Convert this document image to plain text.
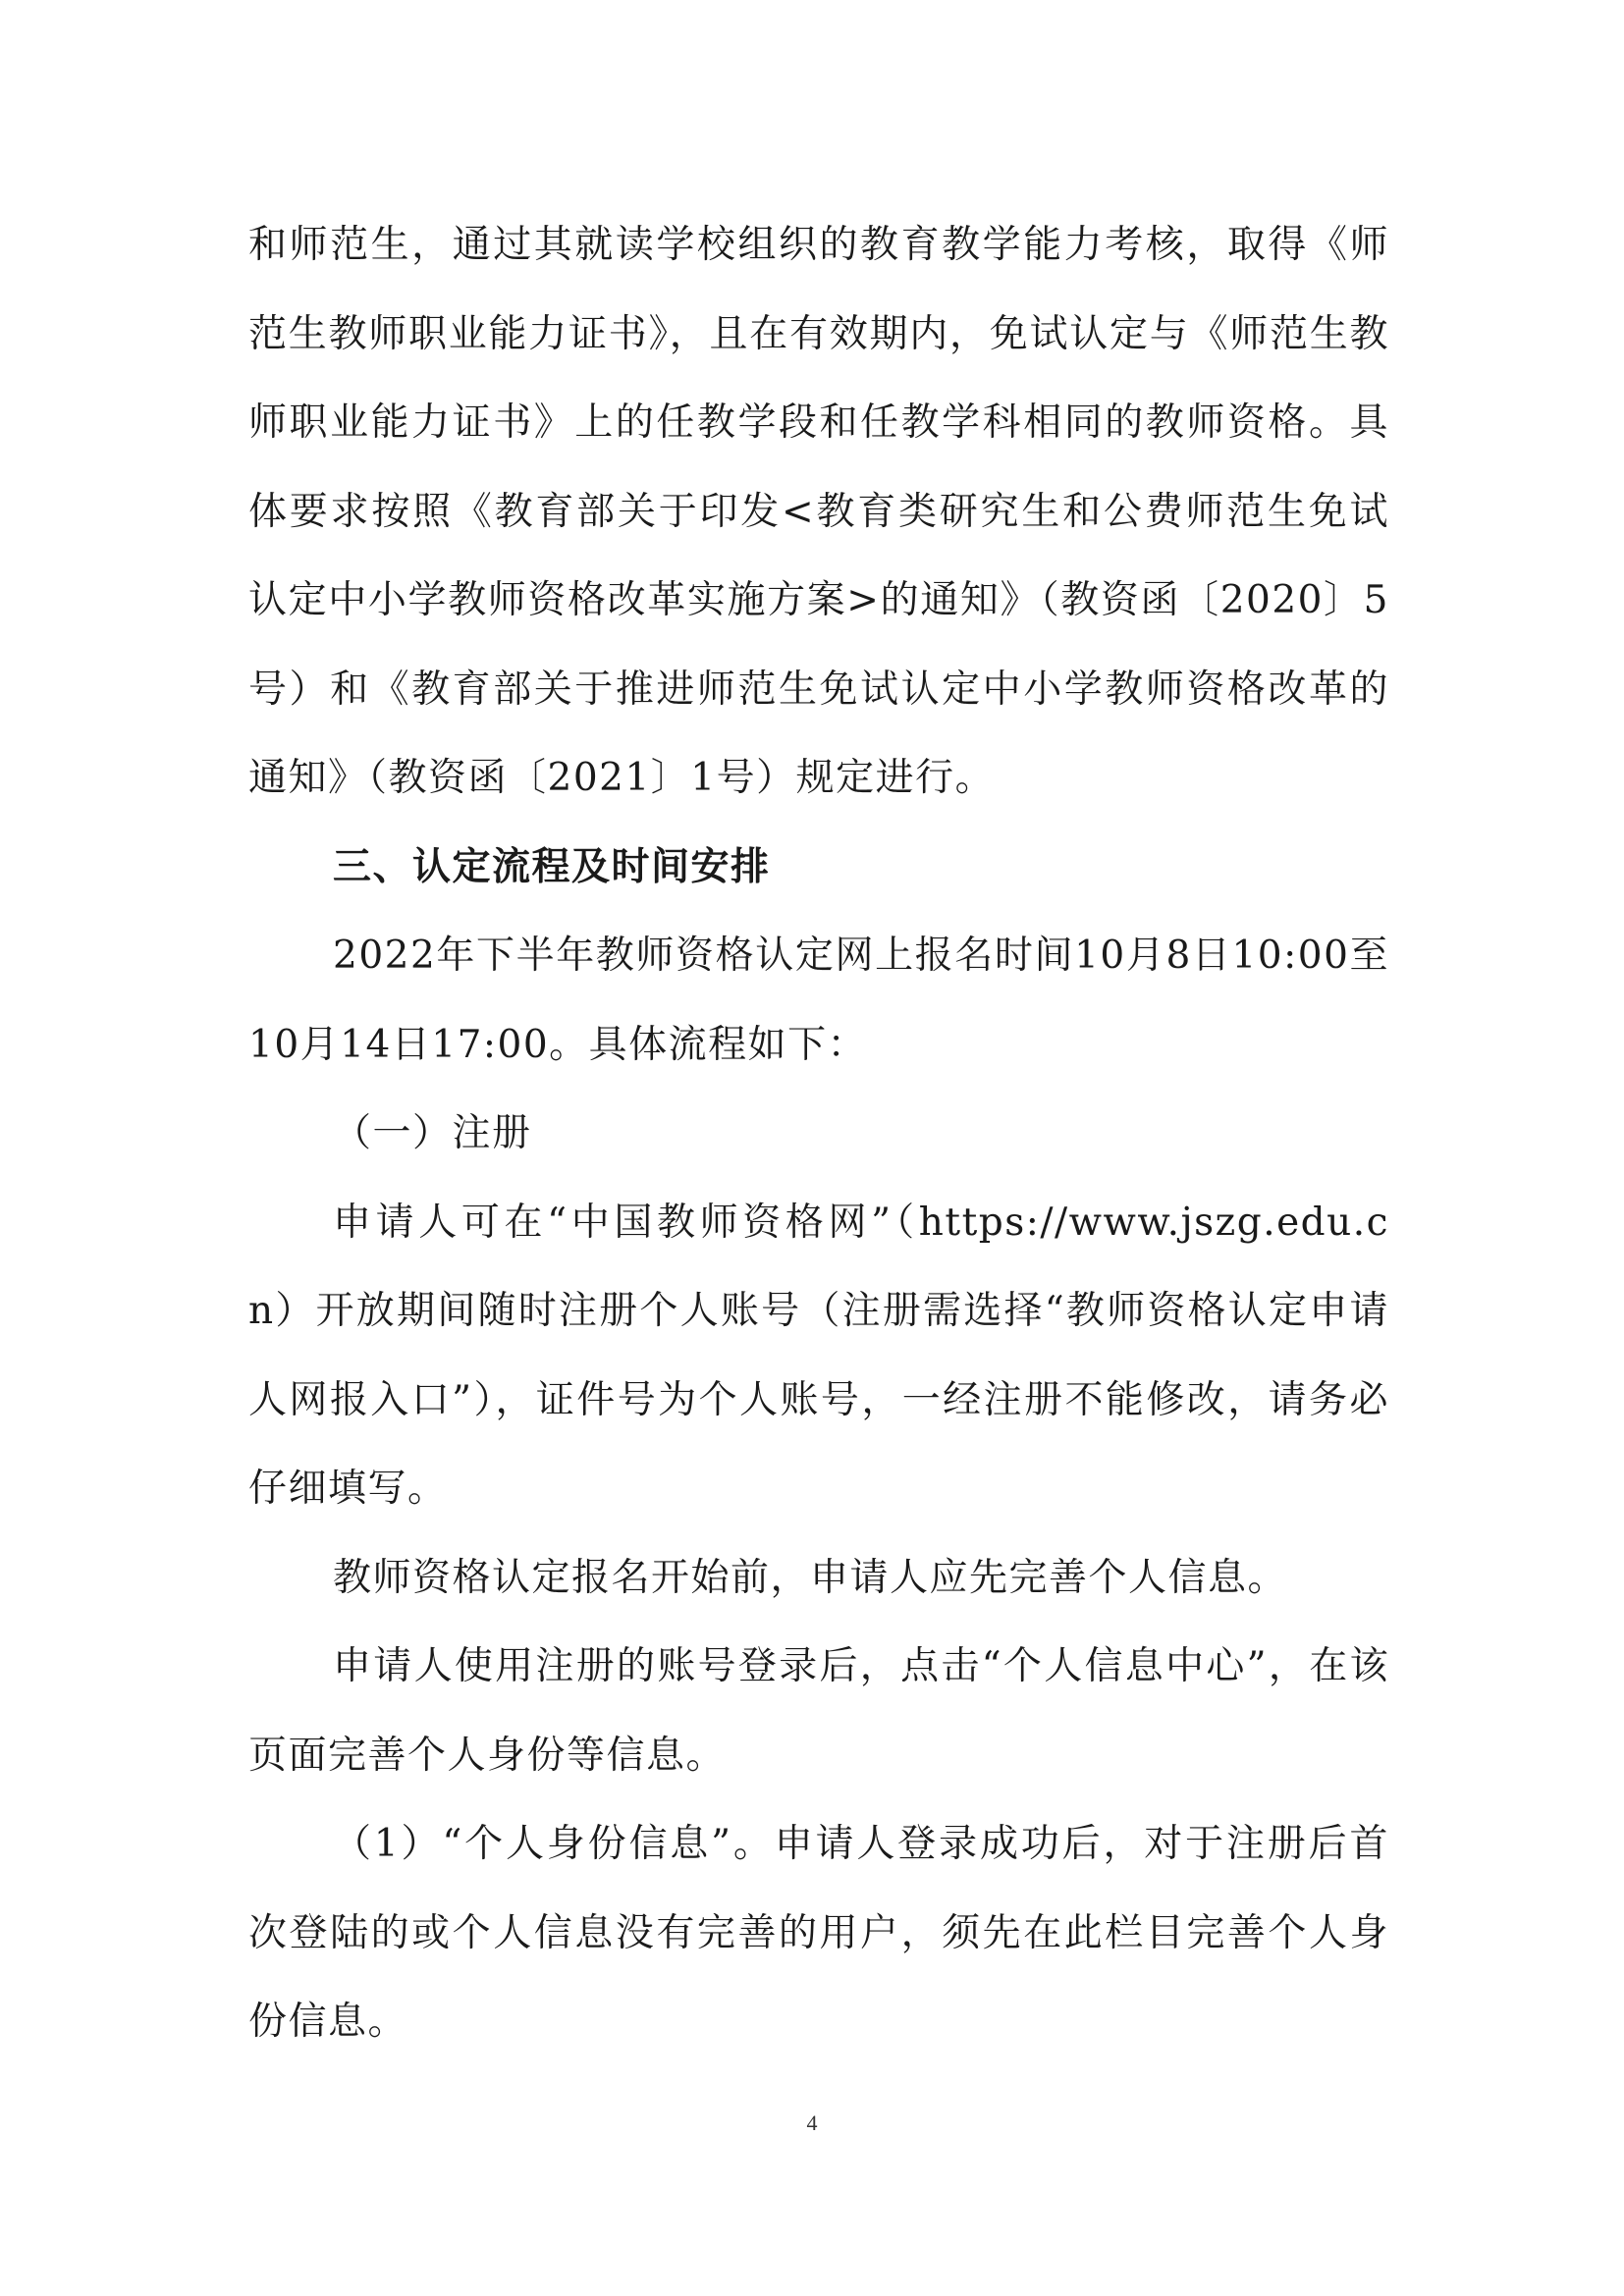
和师范生，通过其就读学校组织的教育教学能力考核，取得《师范生教师职业能力证书》，且在有效期内，免试认定与《师范生教师职业能力证书》上的任教学段和任教学科相同的教师资格。具体要求按照《教育部关于印发<教育类研究生和公费师范生免试认定中小学教师资格改革实施方案>的通知》（教资函〔2020〕5号）和《教育部关于推进师范生免试认定中小学教师资格改革的通知》（教资函〔2021〕1号）规定进行。

三、认定流程及时间安排

2022年下半年教师资格认定网上报名时间10月8日10:00至10月14日17:00。具体流程如下：

（一）注册

申请人可在“中国教师资格网”（https://www.jszg.edu.cn）开放期间随时注册个人账号（注册需选择“教师资格认定申请人网报入口”），证件号为个人账号，一经注册不能修改，请务必仔细填写。

教师资格认定报名开始前，申请人应先完善个人信息。

申请人使用注册的账号登录后，点击“个人信息中心”，在该页面完善个人身份等信息。

（1）“个人身份信息”。申请人登录成功后，对于注册后首次登陆的或个人信息没有完善的用户，须先在此栏目完善个人身份信息。

4
